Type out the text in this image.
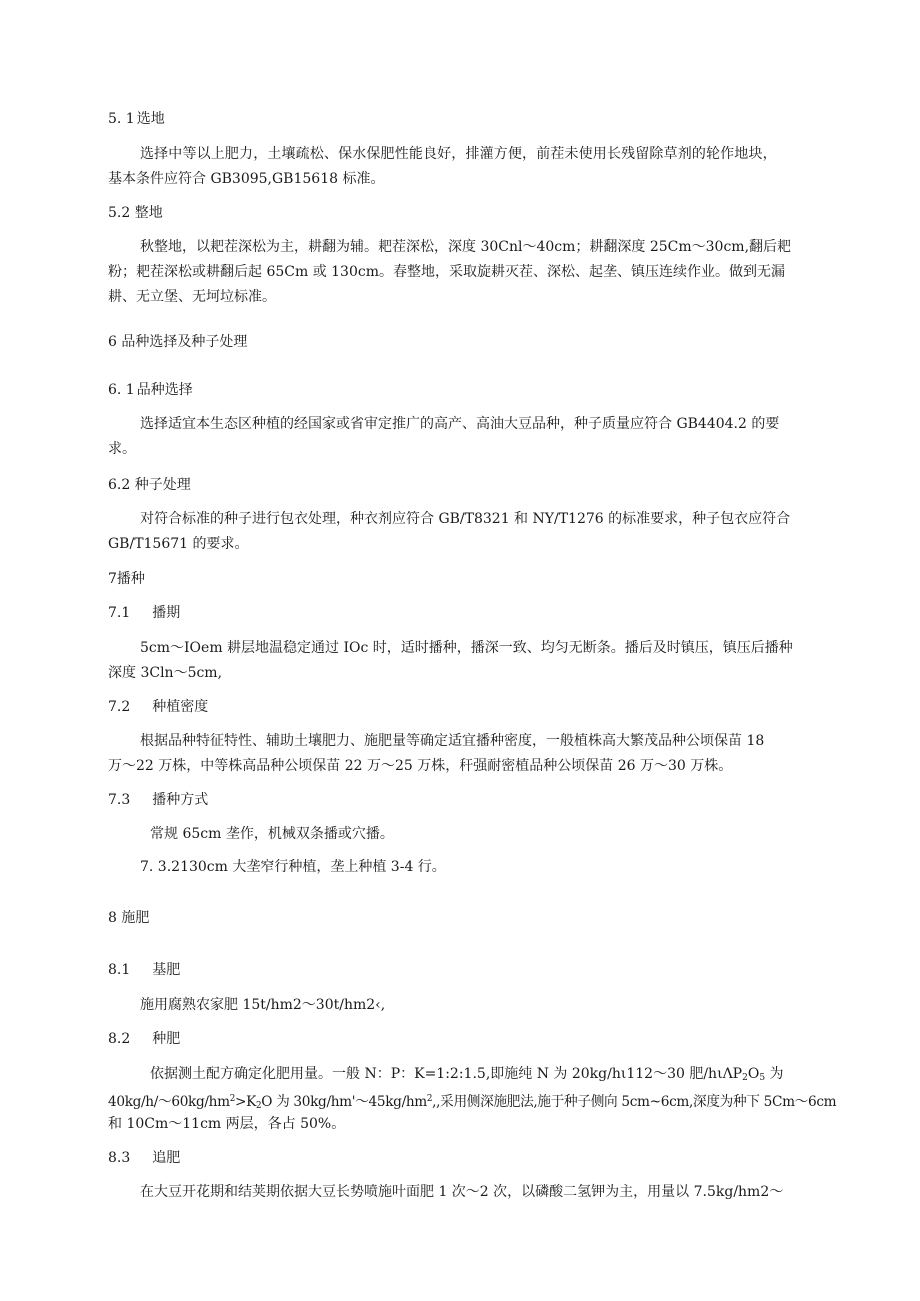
5. 1 选地
选择中等以上肥力，土壤疏松、保水保肥性能良好，排灌方便，前茬未使用长残留除草剂的轮作地块，
基本条件应符合 GB3095,GB15618 标准。
5.2 整地
秋整地，以耙茬深松为主，耕翻为辅。耙茬深松，深度 30Cnl～40cm；耕翻深度 25Cm～30cm,翻后耙
粉；耙茬深松或耕翻后起 65Cm 或 130cm。春整地，采取旋耕灭茬、深松、起垄、镇压连续作业。做到无漏
耕、无立堡、无坷垃标准。
6 品种选择及种子处理
6. 1 品种选择
选择适宜本生态区种植的经国家或省审定推广的高产、高油大豆品种，种子质量应符合 GB4404.2 的要
求。
6.2 种子处理
对符合标准的种子进行包衣处理，种衣剂应符合 GB/T8321 和 NY/T1276 的标准要求，种子包衣应符合
GB/T15671 的要求。
7播种
7.1 播期
5cm～IOem 耕层地温稳定通过 IOc 时，适时播种，播深一致、均匀无断条。播后及时镇压，镇压后播种
深度 3Cln～5cm,
7.2 种植密度
根据品种特征特性、辅助土壤肥力、施肥量等确定适宜播种密度，一般植株高大繁茂品种公顷保苗 18
万～22 万株，中等株高品种公顷保苗 22 万～25 万株，秆强耐密植品种公顷保苗 26 万～30 万株。
7.3 播种方式
常规 65cm 垄作，机械双条播或穴播。
7. 3.2130cm 大垄窄行种植，垄上种植 3-4 行。
8 施肥
8.1 基肥
施用腐熟农家肥 15t∕hm2～30t∕hm2‹,
8.2 种肥
依据测土配方确定化肥用量。一般 N：P：K=1:2:1.5,即施纯 N 为 20kg∕hι112～30 肥$∕h\iota\Lambda P_2O_5$ 为
$40kg∕h∕\sim 60kg∕hm^2>K_2O$ 为 $30kg∕hm'\sim 45kg∕hm^2$,,采用侧深施肥法,施于种子侧向 5cm~6cm,深度为种下 5Cm～6cm
和 10Cm～11cm 两层，各占 50%。
8.3 追肥
在大豆开花期和结荚期依据大豆长势喷施叶面肥 1 次～2 次，以磷酸二氢钾为主，用量以 7.5kg/hm2～
